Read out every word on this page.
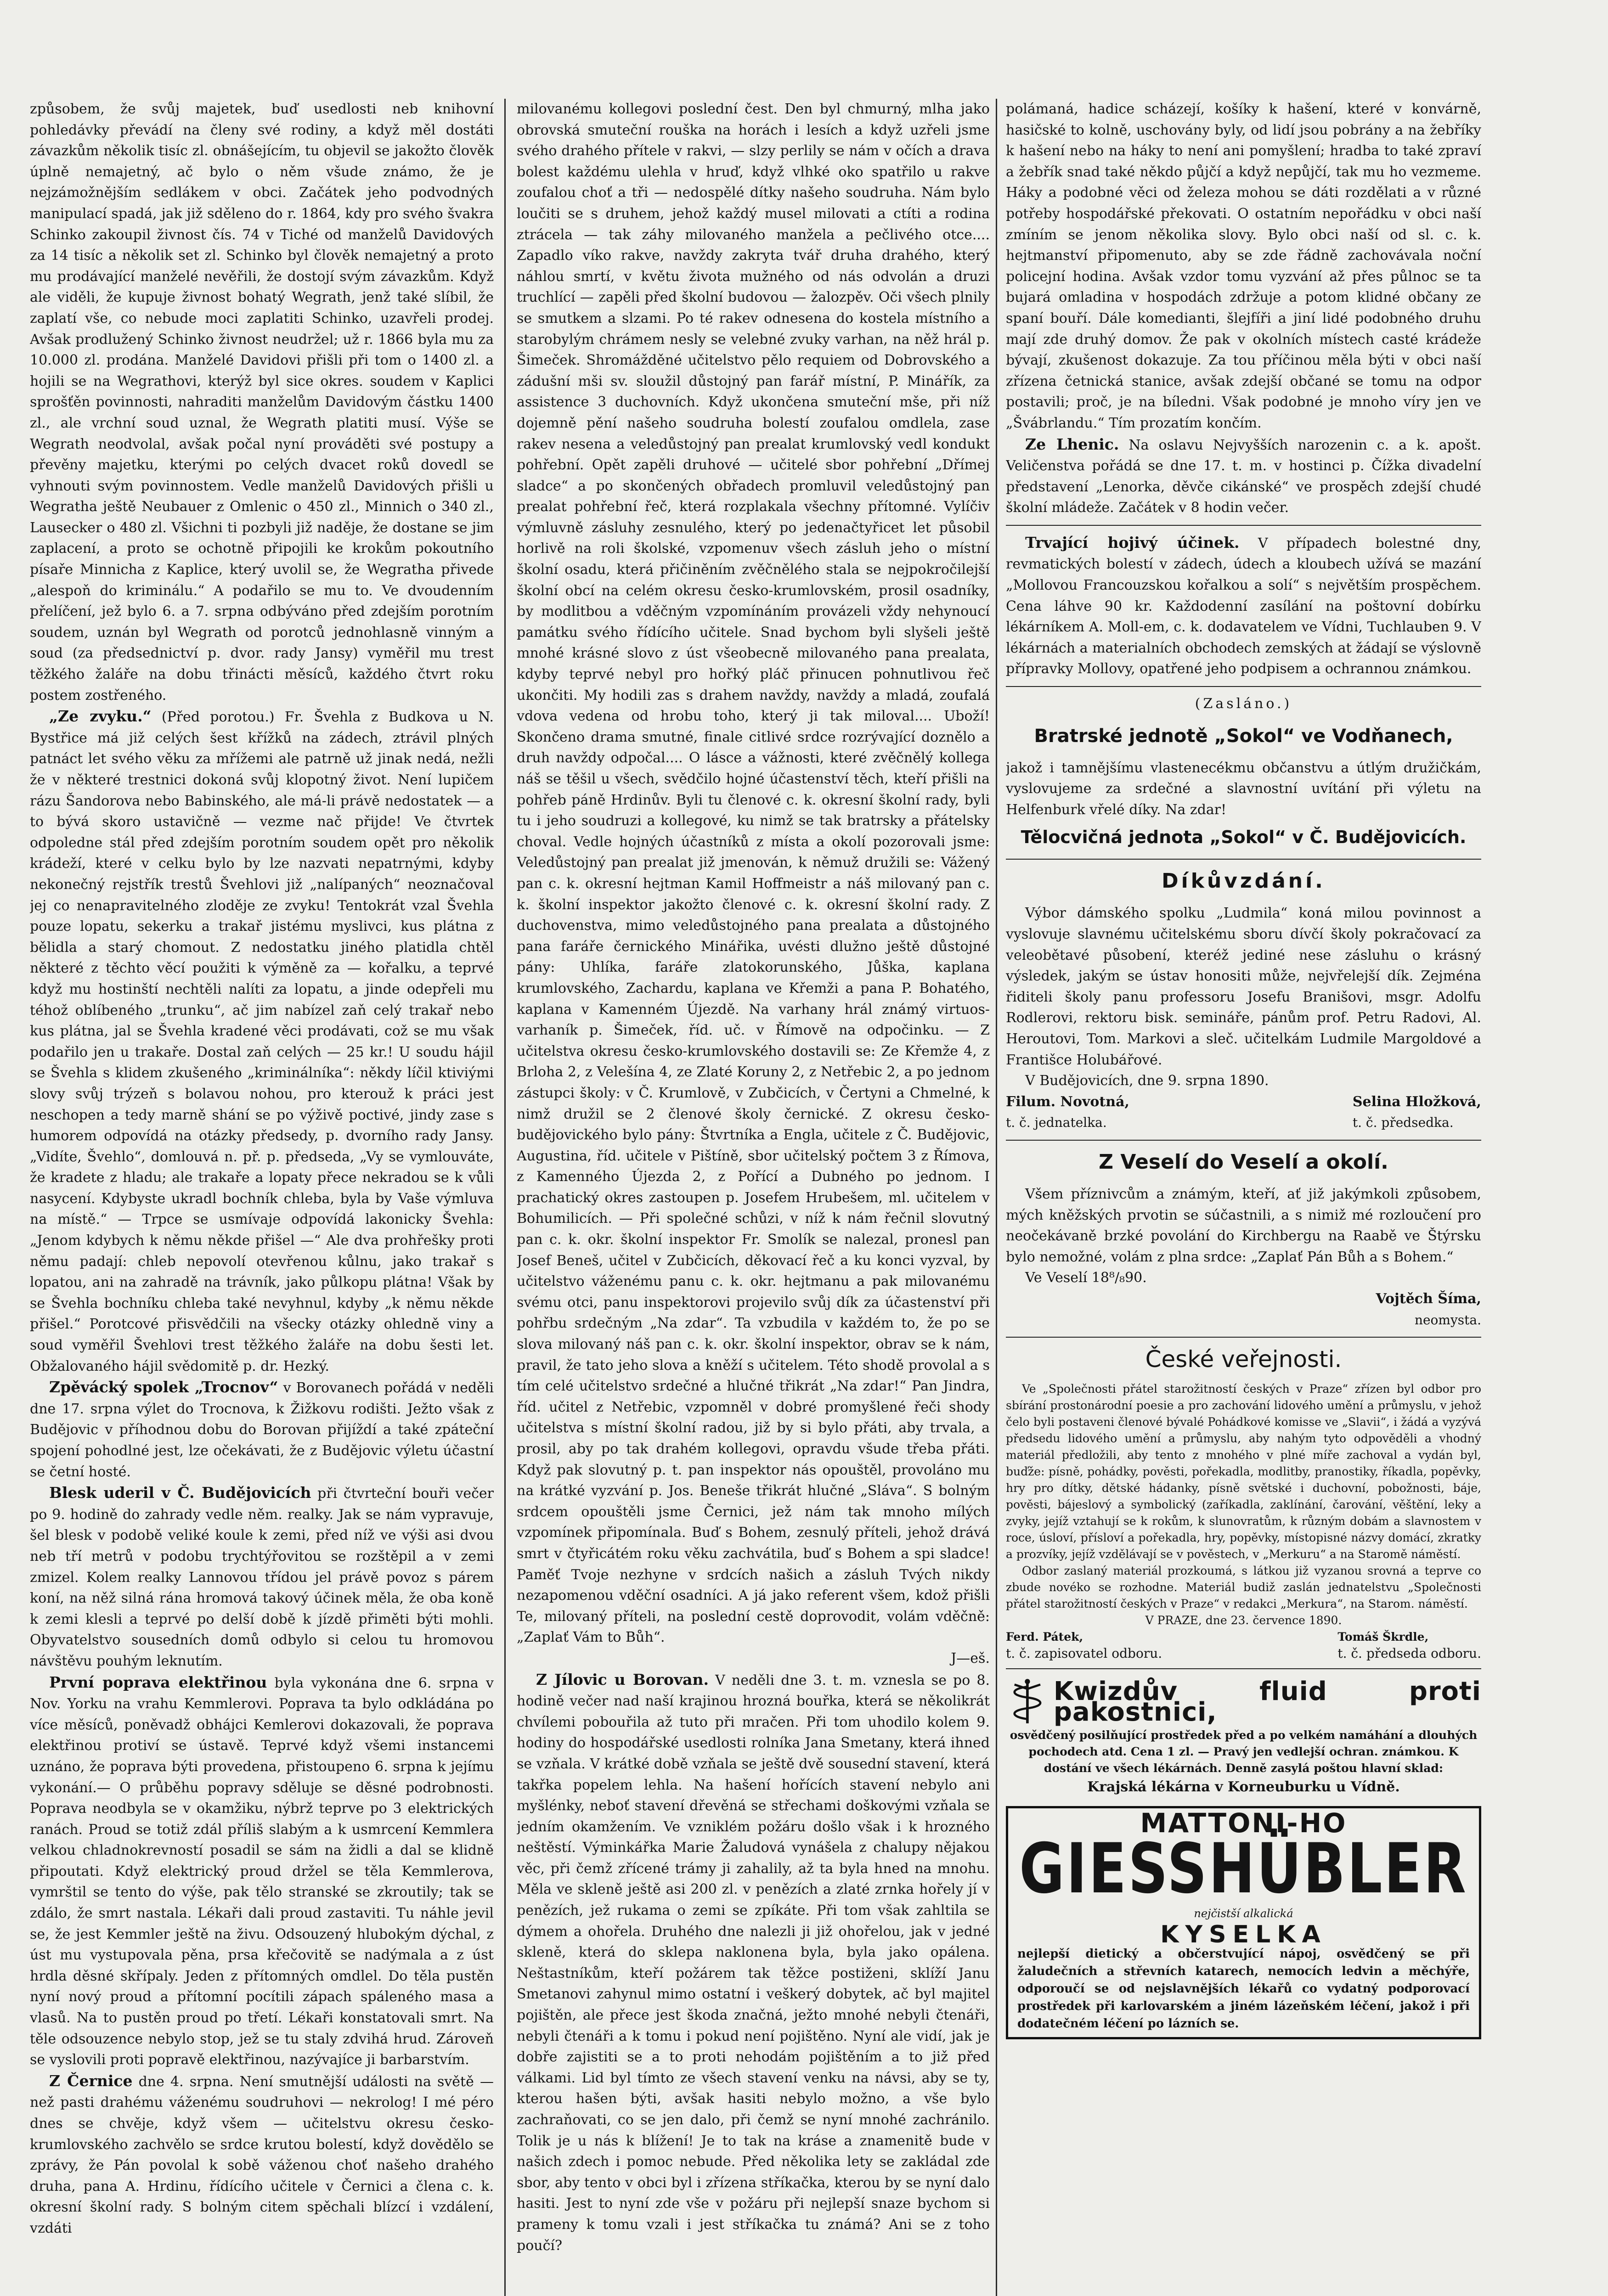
způsobem, že svůj majetek, buď usedlosti neb knihovní pohledávky převádí na členy své rodiny, a když měl dostáti závazkům několik tisíc zl. obnášejícím, tu objevil se jakožto člověk úplně nemajetný, ač bylo o něm všude známo, že je nejzámožnějším sedlákem v obci. Začátek jeho podvodných manipulací spadá, jak již sděleno do r. 1864, kdy pro svého švakra Schinko zakoupil živnost čís. 74 v Tiché od manželů Davidových za 14 tisíc a několik set zl. Schinko byl člověk nemajetný a proto mu prodávající manželé nevěřili, že dostojí svým závazkům. Když ale viděli, že kupuje živnost bohatý Wegrath, jenž také slíbil, že zaplatí vše, co nebude moci zaplatiti Schinko, uzavřeli prodej. Avšak prodlužený Schinko živnost neudržel; už r. 1866 byla mu za 10.000 zl. prodána. Manželé Davidovi přišli při tom o 1400 zl. a hojili se na Wegrathovi, kterýž byl sice okres. soudem v Kaplici sprošťěn povinnosti, nahraditi manželům Davidovým částku 1400 zl., ale vrchní soud uznal, že Wegrath platiti musí. Výše se Wegrath neodvolal, avšak počal nyní prováděti své postupy a převěny majetku, kterými po celých dvacet roků dovedl se vyhnouti svým povinnostem. Vedle manželů Davidových přišli u Wegratha ještě Neubauer z Omlenic o 450 zl., Minnich o 340 zl., Lausecker o 480 zl. Všichni ti pozbyli již naděje, že dostane se jim zaplacení, a proto se ochotně připojili ke krokům pokoutního písaře Minnicha z Kaplice, který uvolil se, že Wegratha přivede „alespoň do kriminálu.“ A podařilo se mu to. Ve dvoudenním přelíčení, jež bylo 6. a 7. srpna odbýváno před zdejším porotním soudem, uznán byl Wegrath od porotců jednohlasně vinným a soud (za předsednictví p. dvor. rady Jansy) vyměřil mu trest těžkého žaláře na dobu třinácti měsíců, každého čtvrt roku postem zostřeného.

„Ze zvyku.“ (Před porotou.) Fr. Švehla z Budkova u N. Bystřice má již celých šest křížků na zádech, ztrávil plných patnáct let svého věku za mřížemi ale patrně už jinak nedá, nežli že v některé trestnici dokoná svůj klopotný život. Není lupičem rázu Šandorova nebo Babinského, ale má-li právě nedostatek — a to bývá skoro ustavičně — vezme nač přijde! Ve čtvrtek odpoledne stál před zdejším porotním soudem opět pro několik krádeží, které v celku bylo by lze nazvati nepatrnými, kdyby nekonečný rejstřík trestů Švehlovi již „nalípaných“ neoznačoval jej co nenapravitelného zloděje ze zvyku! Tentokrát vzal Švehla pouze lopatu, sekerku a trakař jistému myslivci, kus plátna z bělidla a starý chomout. Z nedostatku jiného platidla chtěl některé z těchto věcí použiti k výměně za — kořalku, a teprvé když mu hostinští nechtěli nalíti za lopatu, a jinde odepřeli mu téhož oblíbeného „trunku“, ač jim nabízel zaň celý trakař nebo kus plátna, jal se Švehla kradené věci prodávati, což se mu však podařilo jen u trakaře. Dostal zaň celých — 25 kr.! U soudu hájil se Švehla s klidem zkušeného „kriminálníka“: někdy líčil ktiviými slovy svůj trýzeň s bolavou nohou, pro kterouž k práci jest neschopen a tedy marně shání se po výživě poctivé, jindy zase s humorem odpovídá na otázky předsedy, p. dvorního rady Jansy. „Vidíte, Švehlo“, domlouvá n. př. p. předseda, „Vy se vymlouváte, že kradete z hladu; ale trakaře a lopaty přece nekradou se k vůli nasycení. Kdybyste ukradl bochník chleba, byla by Vaše výmluva na místě.“ — Trpce se usmívaje odpovídá lakonicky Švehla: „Jenom kdybych k němu někde přišel —“ Ale dva prohřešky proti němu padají: chleb nepovolí otevřenou kůlnu, jako trakař s lopatou, ani na zahradě na trávník, jako půlkopu plátna! Však by se Švehla bochníku chleba také nevyhnul, kdyby „k němu někde přišel.“ Porotcové přisvědčili na všecky otázky ohledně viny a soud vyměřil Švehlovi trest těžkého žaláře na dobu šesti let. Obžalovaného hájil svědomitě p. dr. Hezký.

Zpěvácký spolek „Trocnov“ v Borovanech pořádá v neděli dne 17. srpna výlet do Trocnova, k Žižkovu rodišti. Ježto však z Budějovic v příhodnou dobu do Borovan přijíždí a také zpáteční spojení pohodlné jest, lze očekávati, že z Budějovic výletu účastní se četní hosté.

Blesk uderil v Č. Budějovicích při čtvrteční bouři večer po 9. hodině do zahrady vedle něm. realky. Jak se nám vypravuje, šel blesk v podobě veliké koule k zemi, před níž ve výši asi dvou neb tří metrů v podobu trychtýřovitou se rozštěpil a v zemi zmizel. Kolem realky Lannovou třídou jel právě povoz s párem koní, na něž silná rána hromová takový účinek měla, že oba koně k zemi klesli a teprvé po delší době k jízdě přiměti býti mohli. Obyvatelstvo sousedních domů odbylo si celou tu hromovou návštěvu pouhým leknutím.

První poprava elektřinou byla vykonána dne 6. srpna v Nov. Yorku na vrahu Kemmlerovi. Poprava ta bylo odkládána po více měsíců, poněvadž obhájci Kemlerovi dokazovali, že poprava elektřinou protiví se ústavě. Teprvé když všemi instancemi uznáno, že poprava býti provedena, přistoupeno 6. srpna k jejímu vykonání.— O průběhu popravy sděluje se děsné podrobnosti. Poprava neodbyla se v okamžiku, nýbrž teprve po 3 elektrických ranách. Proud se totiž zdál příliš slabým a k usmrcení Kemmlera velkou chladnokrevností posadil se sám na židli a dal se klidně připoutati. Když elektrický proud držel se těla Kemmlerova, vymrštil se tento do výše, pak tělo stranské se zkroutily; tak se zdálo, že smrt nastala. Lékaři dali proud zastaviti. Tu náhle jevil se, že jest Kemmler ještě na živu. Odsouzený hlubokým dýchal, z úst mu vystupovala pěna, prsa křečovitě se nadýmala a z úst hrdla děsné skřípaly. Jeden z přítomných omdlel. Do těla pustěn nyní nový proud a přítomní pocítili zápach spáleného masa a vlasů. Na to pustěn proud po třetí. Lékaři konstatovali smrt. Na těle odsouzence nebylo stop, jež se tu staly zdvihá hrud. Zároveň se vyslovili proti popravě elektřinou, nazývajíce ji barbarstvím.

Z Černice dne 4. srpna. Není smutnější události na světě — než pasti drahému váženému soudruhovi — nekrolog! I mé péro dnes se chvěje, když všem — učitelstvu okresu česko-krumlovského zachvělo se srdce krutou bolestí, když dovědělo se zprávy, že Pán povolal k sobě váženou choť našeho drahého druha, pana A. Hrdinu, řídícího učitele v Černici a člena c. k. okresní školní rady. S bolným citem spěchali blízcí i vzdálení, vzdáti

milovanému kollegovi poslední čest. Den byl chmurný, mlha jako obrovská smuteční rouška na horách i lesích a když uzřeli jsme svého drahého přítele v rakvi, — slzy perlily se nám v očích a drava bolest každému ulehla v hruď, když vlhké oko spatřilo u rakve zoufalou choť a tři — nedospělé dítky našeho soudruha. Nám bylo loučiti se s druhem, jehož každý musel milovati a ctíti a rodina ztrácela — tak záhy milovaného manžela a pečlivého otce.... Zapadlo víko rakve, navždy zakryta tvář druha drahého, který náhlou smrtí, v květu života mužného od nás odvolán a druzi truchlící — zapěli před školní budovou — žalozpěv. Oči všech plnily se smutkem a slzami. Po té rakev odnesena do kostela místního a starobylým chrámem nesly se velebné zvuky varhan, na něž hrál p. Šimeček. Shromážděné učitelstvo pělo requiem od Dobrovského a zádušní mši sv. sloužil důstojný pan farář místní, P. Minářík, za assistence 3 duchovních. Když ukončena smuteční mše, při níž dojemně pění našeho soudruha bolestí zoufalou omdlela, zase rakev nesena a veledůstojný pan prealat krumlovský vedl kondukt pohřební. Opět zapěli druhové — učitelé sbor pohřební „Dřímej sladce“ a po skončených obřadech promluvil veledůstojný pan prealat pohřební řeč, která rozplakala všechny přítomné. Vylíčiv výmluvně zásluhy zesnulého, který po jedenačtyřicet let působil horlivě na roli školské, vzpomenuv všech zásluh jeho o místní školní osadu, která přičiněním zvěčnělého stala se nejpokročilejší školní obcí na celém okresu česko-krumlovském, prosil osadníky, by modlitbou a vděčným vzpomínáním provázeli vždy nehynoucí památku svého řídícího učitele. Snad bychom byli slyšeli ještě mnohé krásné slovo z úst všeobecně milovaného pana prealata, kdyby teprvé nebyl pro hořký pláč přinucen pohnutlivou řeč ukončiti. My hodili zas s drahem navždy, navždy a mladá, zoufalá vdova vedena od hrobu toho, který ji tak miloval.... Uboží! Skončeno drama smutné, finale citlivé srdce rozrývající doznělo a druh navždy odpočal.... O lásce a vážnosti, které zvěčnělý kollega náš se těšil u všech, svědčilo hojné účastenství těch, kteří přišli na pohřeb páně Hrdinův. Byli tu členové c. k. okresní školní rady, byli tu i jeho soudruzi a kollegové, ku nimž se tak bratrsky a přátelsky choval. Vedle hojných účastníků z místa a okolí pozorovali jsme: Veledůstojný pan prealat již jmenován, k němuž družili se: Vážený pan c. k. okresní hejtman Kamil Hoffmeistr a náš milovaný pan c. k. školní inspektor jakožto členové c. k. okresní školní rady. Z duchovenstva, mimo veledůstojného pana prealata a důstojného pana faráře černického Minářika, uvésti dlužno ještě důstojné pány: Uhlíka, faráře zlatokorunského, Jůška, kaplana krumlovského, Zachardu, kaplana ve Křemži a pana P. Bohatého, kaplana v Kamenném Újezdě. Na varhany hrál známý virtuos-varhaník p. Šimeček, říd. uč. v Římově na odpočinku. — Z učitelstva okresu česko-krumlovského dostavili se: Ze Křemže 4, z Brloha 2, z Velešína 4, ze Zlaté Koruny 2, z Netřebic 2, a po jednom zástupci školy: v Č. Krumlově, v Zubčicích, v Čertyni a Chmelné, k nimž družil se 2 členové školy černické. Z okresu česko-budějovického bylo pány: Štvrtníka a Engla, učitele z Č. Budějovic, Augustina, říd. učitele v Pištíně, sbor učitelský počtem 3 z Římova, z Kamenného Újezda 2, z Pořící a Dubného po jednom. I prachatický okres zastoupen p. Josefem Hrubešem, ml. učitelem v Bohumilicích. — Při společné schůzi, v níž k nám řečnil slovutný pan c. k. okr. školní inspektor Fr. Smolík se nalezal, pronesl pan Josef Beneš, učitel v Zubčicích, děkovací řeč a ku konci vyzval, by učitelstvo váženému panu c. k. okr. hejtmanu a pak milovanému svému otci, panu inspektorovi projevilo svůj dík za účastenství při pohřbu srdečným „Na zdar“. Ta vzbudila v každém to, že po se slova milovaný náš pan c. k. okr. školní inspektor, obrav se k nám, pravil, že tato jeho slova a kněží s učitelem. Této shodě provolal a s tím celé učitelstvo srdečné a hlučné třikrát „Na zdar!“ Pan Jindra, říd. učitel z Netřebic, vzpomněl v dobré promyšlené řeči shody učitelstva s místní školní radou, již by si bylo přáti, aby trvala, a prosil, aby po tak drahém kollegovi, opravdu všude třeba přáti. Když pak slovutný p. t. pan inspektor nás opouštěl, provoláno mu na krátké vyzvání p. Jos. Beneše třikrát hlučné „Sláva“. S bolným srdcem opouštěli jsme Černici, jež nám tak mnoho mílých vzpomínek připomínala. Buď s Bohem, zesnulý příteli, jehož drává smrt v čtyřicátém roku věku zachvátila, buď s Bohem a spi sladce! Paměť Tvoje nezhyne v srdcích našich a zásluh Tvých nikdy nezapomenou vděční osadníci. A já jako referent všem, kdož přišli Te, milovaný příteli, na poslední cestě doprovodit, volám vděčně: „Zaplať Vám to Bůh“.

J—eš.

Z Jílovic u Borovan. V neděli dne 3. t. m. vznesla se po 8. hodině večer nad naší krajinou hrozná bouřka, která se několikrát chvílemi pobouřila až tuto při mračen. Při tom uhodilo kolem 9. hodiny do hospodářské usedlosti rolníka Jana Smetany, která ihned se vzňala. V krátké době vzňala se ještě dvě sousední stavení, která takřka popelem lehla. Na hašení hořících stavení nebylo ani myšlénky, neboť stavení dřevěná se střechami doškovými vzňala se jedním okamžením. Ve vzniklém požáru došlo však i k hrozného neštěstí. Výminkářka Marie Žaludová vynášela z chalupy nějakou věc, při čemž zřícené trámy ji zahalily, až ta byla hned na mnohu. Měla ve skleně ještě asi 200 zl. v penězích a zlaté zrnka hořely jí v penězích, jež rukama o zemi se zpíkáte. Při tom však zahltila se dýmem a ohořela. Druhého dne nalezli ji již ohořelou, jak v jedné skleně, která do sklepa naklonena byla, byla jako opálena. Neštastníkům, kteří požárem tak těžce postiženi, sklíží Janu Smetanovi zahynul mimo ostatní i veškerý dobytek, ač byl majitel pojištěn, ale přece jest škoda značná, ježto mnohé nebyli čtenáři, nebyli čtenáři a k tomu i pokud není pojištěno. Nyní ale vidí, jak je dobře zajistiti se a to proti nehodám pojištěním a to již před válkami. Lid byl tímto ze všech stavení venku na návsi, aby se ty, kterou hašen býti, avšak hasiti nebylo možno, a vše bylo zachraňovati, co se jen dalo, při čemž se nyní mnohé zachránilo. Tolik je u nás k blížení! Je to tak na kráse a znamenitě bude v našich zdech i pomoc nebude. Před několika lety se zakládal zde sbor, aby tento v obci byl i zřízena stříkačka, kterou by se nyní dalo hasiti. Jest to nyní zde vše v požáru při nejlepší snaze bychom si prameny k tomu vzali i jest stříkačka tu známá? Ani se z toho poučí?

polámaná, hadice scházejí, košíky k hašení, které v konvárně, hasičské to kolně, uschovány byly, od lidí jsou pobrány a na žebříky k hašení nebo na háky to není ani pomyšlení; hradba to také zpraví a žebřík snad také někdo půjčí a když nepůjčí, tak mu ho vezmeme. Háky a podobné věci od železa mohou se dáti rozdělati a v různé potřeby hospodářské překovati. O ostatním nepořádku v obci naší zmíním se jenom několika slovy. Bylo obci naší od sl. c. k. hejtmanství připomenuto, aby se zde řádně zachovávala noční policejní hodina. Avšak vzdor tomu vyzvání až přes půlnoc se ta bujará omladina v hospodách zdržuje a potom klidné občany ze spaní bouří. Dále komedianti, šlejfíři a jiní lidé podobného druhu mají zde druhý domov. Že pak v okolních místech casté krádeže bývají, zkušenost dokazuje. Za tou příčinou měla býti v obci naší zřízena četnická stanice, avšak zdejší občané se tomu na odpor postavili; proč, je na bíledni. Však podobné je mnoho víry jen ve „Švábrlandu.“ Tím prozatím končím.

Ze Lhenic. Na oslavu Nejvyšších narozenin c. a k. apošt. Veličenstva pořádá se dne 17. t. m. v hostinci p. Čížka divadelní představení „Lenorka, děvče cikánské“ ve prospěch zdejší chudé školní mládeže. Začátek v 8 hodin večer.

Trvající hojivý účinek. V případech bolestné dny, revmatických bolestí v zádech, údech a kloubech užívá se mazání „Mollovou Francouzskou kořalkou a solí“ s největším prospěchem. Cena láhve 90 kr. Každodenní zasílání na poštovní dobírku lékárníkem A. Moll-em, c. k. dodavatelem ve Vídni, Tuchlauben 9. V lékárnách a materialních obchodech zemských at žádají se výslovně přípravky Mollovy, opatřené jeho podpisem a ochrannou známkou.

(Zasláno.)

Bratrské jednotě „Sokol“ ve Vodňanech,

jakož i tamnějšímu vlastenecékmu občanstvu a útlým družičkám, vyslovujeme za srdečné a slavnostní uvítání při výletu na Helfenburk vřelé díky. Na zdar!

Tělocvičná jednota „Sokol“ v Č. Budějovicích.
Díkůvzdání.

Výbor dámského spolku „Ludmila“ koná milou povinnost a vyslovuje slavnému učitelskému sboru dívčí školy pokračovací za veleobětavé působení, kteréž jediné nese zásluhu o krásný výsledek, jakým se ústav honositi může, nejvřelejší dík. Zejména řiditeli školy panu professoru Josefu Branišovi, msgr. Adolfu Rodlerovi, rektoru bisk. semináře, pánům prof. Petru Radovi, Al. Heroutovi, Tom. Markovi a sleč. učitelkám Ludmile Margoldové a Františce Holubářové.

V Budějovicích, dne 9. srpna 1890.

Filum. Novotná,
t. č. jednatelka.
Selina Hložková,
t. č. předsedka.
Z Veselí do Veselí a okolí.

Všem příznivcům a známým, kteří, ať již jakýmkoli způsobem, mých kněžských prvotin se súčastnili, a s nimiž mé rozloučení pro neočekávaně brzké povolání do Kirchbergu na Raabě ve Štýrsku bylo nemožné, volám z plna srdce: „Zaplať Pán Bůh a s Bohem.“

Ve Veselí 18⁸/₈90.

Vojtěch Šíma,
neomysta.
České veřejnosti.

Ve „Společnosti přátel starožitností českých v Praze“ zřízen byl odbor pro sbírání prostonárodní poesie a pro zachování lidového umění a průmyslu, v jehož čelo byli postaveni členové bývalé Pohádkové komisse ve „Slavii“, i žádá a vyzývá předsedu lidového umění a průmyslu, aby nahým tyto odpověděli a vhodný materiál předložili, aby tento z mnohého v plné míře zachoval a vydán byl, buďže: písně, pohádky, pověsti, pořekadla, modlitby, pranostiky, říkadla, popěvky, hry pro dítky, dětské hádanky, písně světské i duchovní, pobožnosti, báje, pověsti, bájeslový a symbolický (zaříkadla, zaklínání, čarování, věštění, leky a zvyky, jejíž vztahují se k rokům, k slunovratům, k různým dobám a slavnostem v roce, úsloví, přísloví a pořekadla, hry, popěvky, místopisné názvy domácí, zkratky a prozvíky, jejíž vzdělávají se v pověstech, v „Merkuru“ a na Staromě náměstí.

Odbor zaslaný materiál prozkoumá, s látkou již vyzanou srovná a teprve co zbude novéko se rozhodne. Materiál budiž zaslán jednatelstvu „Společnosti přátel starožitností českých v Praze“ v redakci „Merkura“, na Starom. náměstí.

V PRAZE, dne 23. července 1890.

Ferd. Pátek,
t. č. zapisovatel odboru.
Tomáš Škrdle,
t. č. předseda odboru.
Kwizdův fluid proti pakostnici,

osvědčený posilňující prostředek před a po velkém namáhání a dlouhých pochodech atd. Cena 1 zl. — Pravý jen vedlejší ochran. známkou. K dostání ve všech lékárnách. Denně zasylá poštou hlavní sklad:

Krajská lékárna v Korneuburku u Vídně.

MATTONI-HO
GIESSHÜBLER
nejčistší alkalická
KYSELKA
nejlepší dietický a občerstvující nápoj, osvědčený se při žaludečních a střevních katarech, nemocích ledvin a měchýře, odporoučí se od nejslavnějších lékařů co vydatný podporovací prostředek při karlovarském a jiném lázeňském léčení, jakož i při dodatečném léčení po lázních se.
